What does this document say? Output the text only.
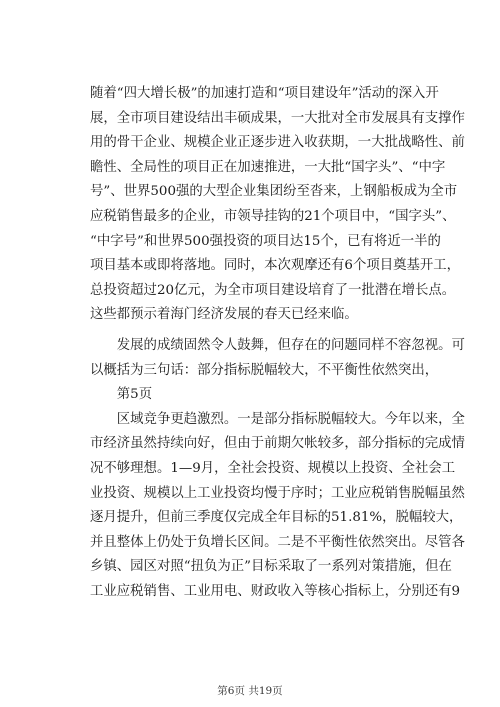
随着“四大增长极”的加速打造和“项目建设年”活动的深入开
展，全市项目建设结出丰硕成果，一大批对全市发展具有支撑作
用的骨干企业、规模企业正逐步进入收获期，一大批战略性、前
瞻性、全局性的项目正在加速推进，一大批“国字头”、“中字
号”、世界500强的大型企业集团纷至沓来，上钢船板成为全市
应税销售最多的企业，市领导挂钩的21个项目中，“国字头”、
“中字号”和世界500强投资的项目达15个，已有将近一半的
项目基本或即将落地。同时，本次观摩还有6个项目奠基开工，
总投资超过20亿元，为全市项目建设培育了一批潜在增长点。
这些都预示着海门经济发展的春天已经来临。
　　发展的成绩固然令人鼓舞，但存在的问题同样不容忽视。可
以概括为三句话：部分指标脱幅较大，不平衡性依然突出，
　　第5页
　　区域竞争更趋激烈。一是部分指标脱幅较大。今年以来，全
市经济虽然持续向好，但由于前期欠帐较多，部分指标的完成情
况不够理想。1—9月，全社会投资、规模以上投资、全社会工
业投资、规模以上工业投资均慢于序时；工业应税销售脱幅虽然
逐月提升，但前三季度仅完成全年目标的51.81%，脱幅较大，
并且整体上仍处于负增长区间。二是不平衡性依然突出。尽管各
乡镇、园区对照“扭负为正”目标采取了一系列对策措施，但在
工业应税销售、工业用电、财政收入等核心指标上，分别还有9
第6页 共19页
